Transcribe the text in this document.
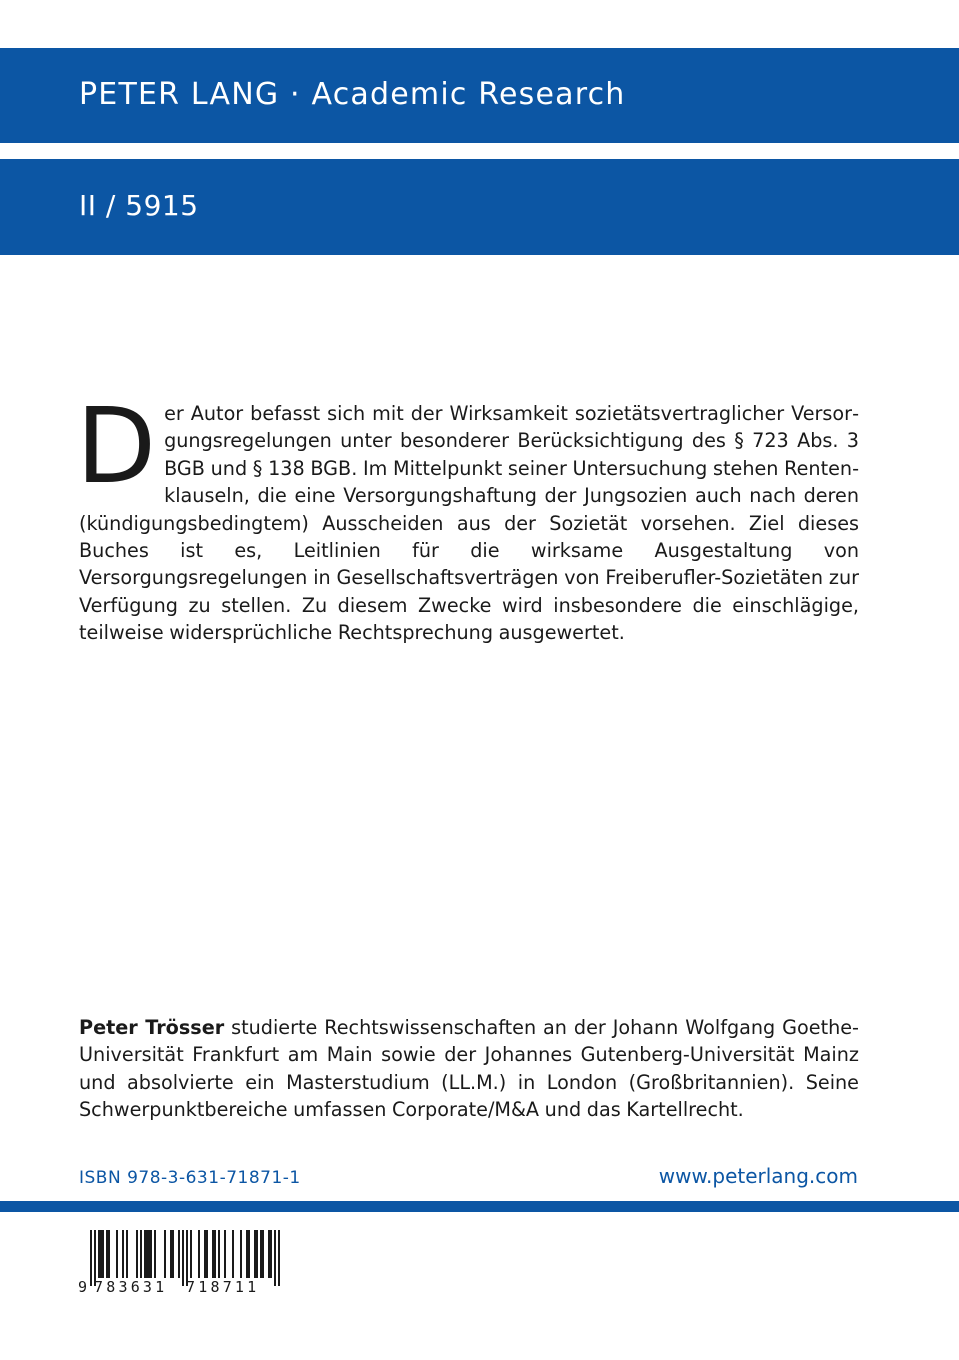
PETER LANG · Academic Research
II / 5915
Der Autor befasst sich mit der Wirksamkeit sozietätsvertraglicher Versorgungsregelungen unter besonderer Berücksichtigung des § 723 Abs. 3 BGB und § 138 BGB. Im Mittelpunkt seiner Untersuchung stehen Rentenklauseln, die eine Versorgungshaftung der Jungsozien auch nach deren (kündigungsbedingtem) Ausscheiden aus der Sozietät vorsehen. Ziel dieses Buches ist es, Leitlinien für die wirksame Ausgestaltung von Versorgungsregelungen in Gesellschaftsverträgen von Freiberufler-Sozietäten zur Verfügung zu stellen. Zu diesem Zwecke wird insbesondere die einschlägige, teilweise widersprüchliche Rechtsprechung ausgewertet.
Peter Trösser studierte Rechtswissenschaften an der Johann Wolfgang Goethe-Universität Frankfurt am Main sowie der Johannes Gutenberg-Universität Mainz und absolvierte ein Masterstudium (LL.M.) in London (Großbritannien). Seine Schwerpunktbereiche umfassen Corporate/M&A und das Kartellrecht.
ISBN 978-3-631-71871-1	www.peterlang.com
9 783631 718711
